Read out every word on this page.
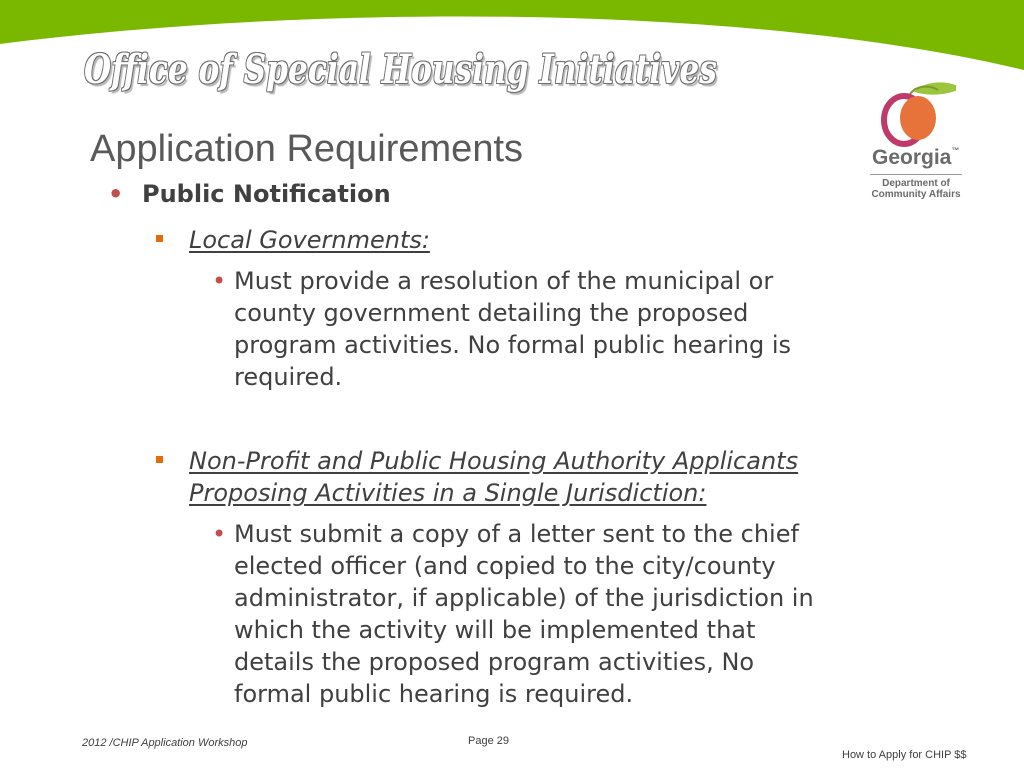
Office of Special Housing Initiatives
Application Requirements	Georgia™
Department of
Community Affairs
• Public Notification
Local Governments:
• Must provide a resolution of the municipal or
county government detailing the proposed
program activities. No formal public hearing is
required.
Non-Profit and Public Housing Authority Applicants
Proposing Activities in a Single Jurisdiction:
• Must submit a copy of a letter sent to the chief
elected officer (and copied to the city/county
administrator, if applicable) of the jurisdiction in
which the activity will be implemented that
details the proposed program activities, No
formal public hearing is required.
2012 /CHIP Application Workshop	Page 29
How to Apply for CHIP $$
